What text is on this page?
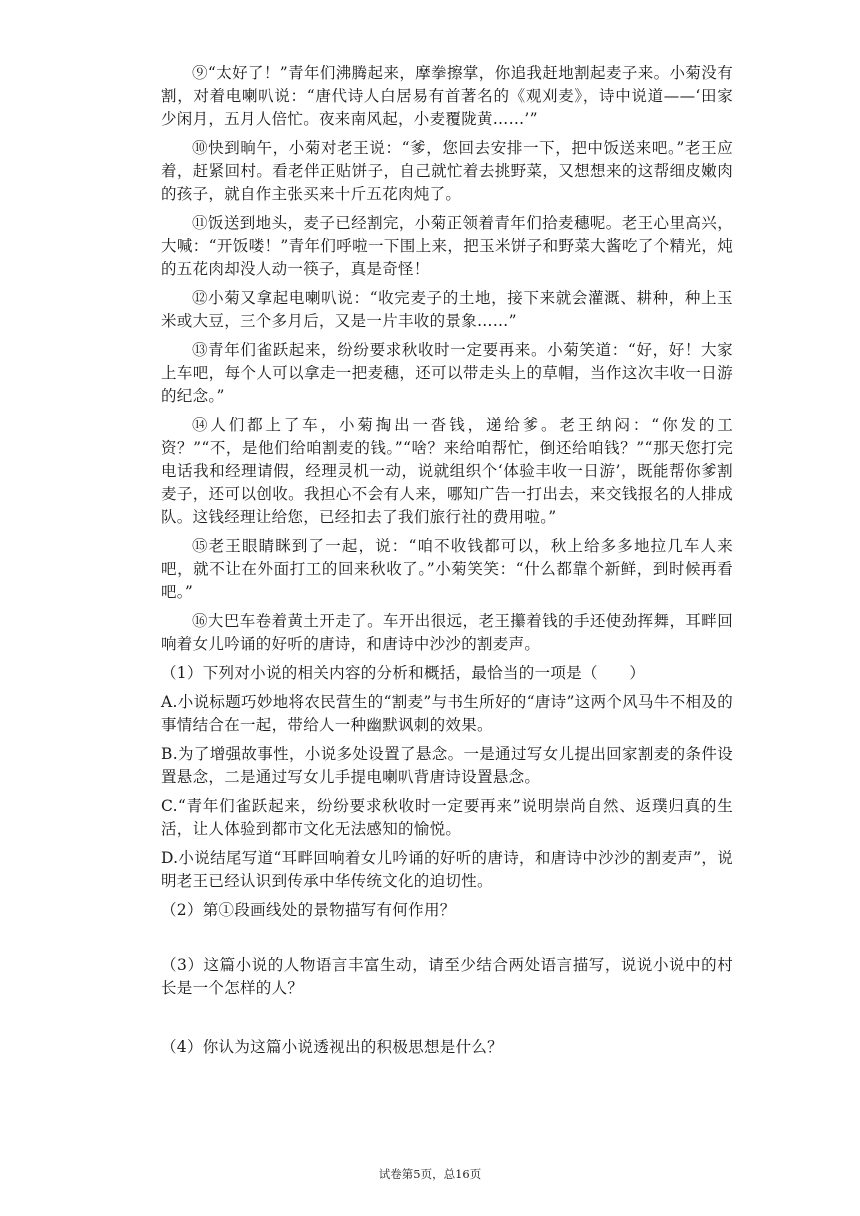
⑨“太好了！”青年们沸腾起来，摩拳擦掌，你追我赶地割起麦子来。小菊没有割，对着电喇叭说：“唐代诗人白居易有首著名的《观刈麦》，诗中说道——‘田家少闲月，五月人倍忙。夜来南风起，小麦覆陇黄……’”

⑩快到晌午，小菊对老王说：“爹，您回去安排一下，把中饭送来吧。”老王应着，赶紧回村。看老伴正贴饼子，自己就忙着去挑野菜，又想想来的这帮细皮嫩肉的孩子，就自作主张买来十斤五花肉炖了。

⑪饭送到地头，麦子已经割完，小菊正领着青年们拾麦穗呢。老王心里高兴，大喊：“开饭喽！”青年们呼啦一下围上来，把玉米饼子和野菜大酱吃了个精光，炖的五花肉却没人动一筷子，真是奇怪！

⑫小菊又拿起电喇叭说：“收完麦子的土地，接下来就会灌溉、耕种，种上玉米或大豆，三个多月后，又是一片丰收的景象……”

⑬青年们雀跃起来，纷纷要求秋收时一定要再来。小菊笑道：“好，好！大家上车吧，每个人可以拿走一把麦穗，还可以带走头上的草帽，当作这次丰收一日游的纪念。”

⑭人们都上了车，小菊掏出一沓钱，递给爹。老王纳闷：“你发的工资？”“不，是他们给咱割麦的钱。”“啥？来给咱帮忙，倒还给咱钱？”“那天您打完电话我和经理请假，经理灵机一动，说就组织个‘体验丰收一日游’，既能帮你爹割麦子，还可以创收。我担心不会有人来，哪知广告一打出去，来交钱报名的人排成队。这钱经理让给您，已经扣去了我们旅行社的费用啦。”

⑮老王眼睛眯到了一起，说：“咱不收钱都可以，秋上给多多地拉几车人来吧，就不让在外面打工的回来秋收了。”小菊笑笑：“什么都靠个新鲜，到时候再看吧。”

⑯大巴车卷着黄土开走了。车开出很远，老王攥着钱的手还使劲挥舞，耳畔回响着女儿吟诵的好听的唐诗，和唐诗中沙沙的割麦声。

（1）下列对小说的相关内容的分析和概括，最恰当的一项是（　　）

A.小说标题巧妙地将农民营生的“割麦”与书生所好的“唐诗”这两个风马牛不相及的事情结合在一起，带给人一种幽默讽刺的效果。

B.为了增强故事性，小说多处设置了悬念。一是通过写女儿提出回家割麦的条件设置悬念，二是通过写女儿手提电喇叭背唐诗设置悬念。

C.“青年们雀跃起来，纷纷要求秋收时一定要再来”说明崇尚自然、返璞归真的生活，让人体验到都市文化无法感知的愉悦。

D.小说结尾写道“耳畔回响着女儿吟诵的好听的唐诗，和唐诗中沙沙的割麦声”，说明老王已经认识到传承中华传统文化的迫切性。

（2）第①段画线处的景物描写有何作用？

（3）这篇小说的人物语言丰富生动，请至少结合两处语言描写，说说小说中的村长是一个怎样的人？

（4）你认为这篇小说透视出的积极思想是什么？

试卷第5页，总16页
